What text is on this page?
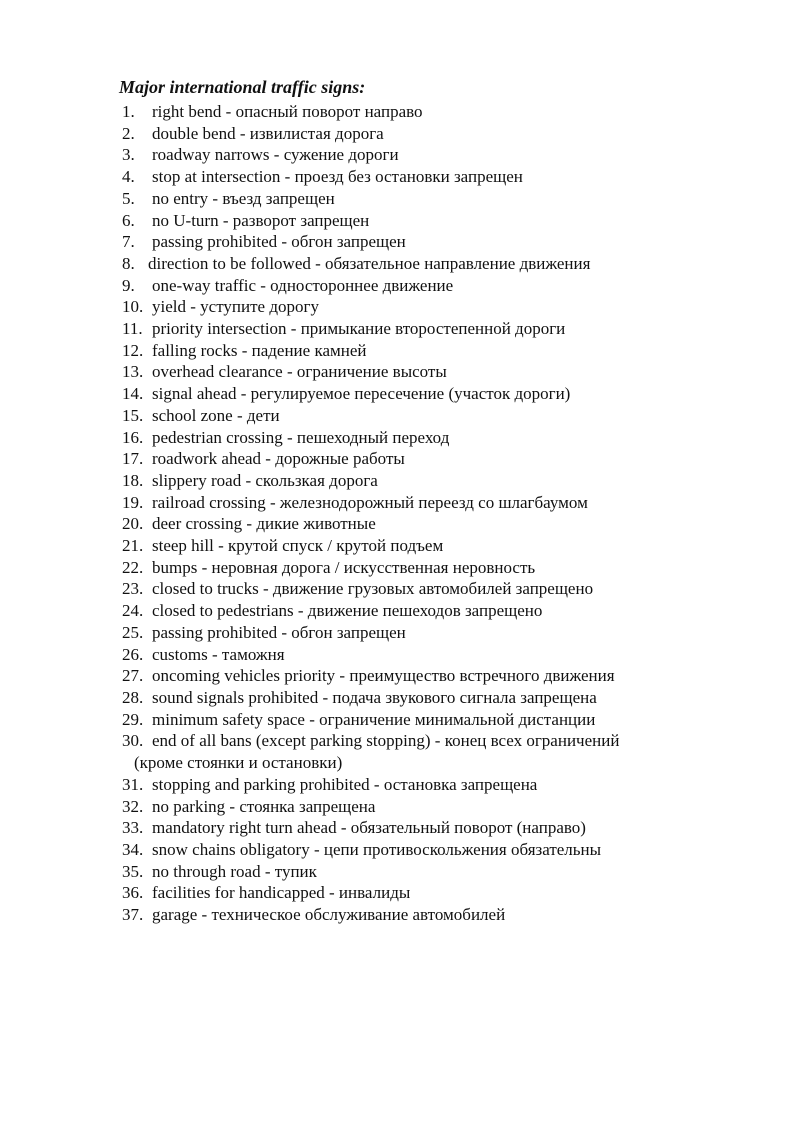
Major international traffic signs:
1.	right bend - опасный поворот направо
2.	double bend - извилистая дорога
3.	roadway narrows - сужение дороги
4.	stop at intersection - проезд без остановки запрещен
5.	no entry - въезд запрещен
6.	no U-turn - разворот запрещен
7.	passing prohibited - обгон запрещен
8. direction to be followed - обязательное направление движения
9.	one-way traffic - одностороннее движение
10. yield - уступите дорогу
11. priority intersection - примыкание второстепенной дороги
12. falling rocks - падение камней
13. overhead clearance - ограничение высоты
14. signal ahead - регулируемое пересечение (участок дороги)
15. school zone - дети
16. pedestrian crossing - пешеходный переход
17. roadwork ahead - дорожные работы
18. slippery road - скользкая дорога
19. railroad crossing - железнодорожный переезд со шлагбаумом
20. deer crossing - дикие животные
21. steep hill - крутой спуск / крутой подъем
22. bumps - неровная дорога / искусственная неровность
23. closed to trucks - движение грузовых автомобилей запрещено
24. closed to pedestrians - движение пешеходов запрещено
25. passing prohibited - обгон запрещен
26. customs - таможня
27. oncoming vehicles priority - преимущество встречного движения
28. sound signals prohibited - подача звукового сигнала запрещена
29. minimum safety space - ограничение минимальной дистанции
30. end of all bans (except parking stopping) - конец всех ограничений
(кроме стоянки и остановки)
31. stopping and parking prohibited - остановка запрещена
32. no parking - стоянка запрещена
33. mandatory right turn ahead - обязательный поворот (направо)
34. snow chains obligatory - цепи противоскольжения обязательны
35. no through road - тупик
36. facilities for handicapped - инвалиды
37. garage - техническое обслуживание автомобилей
